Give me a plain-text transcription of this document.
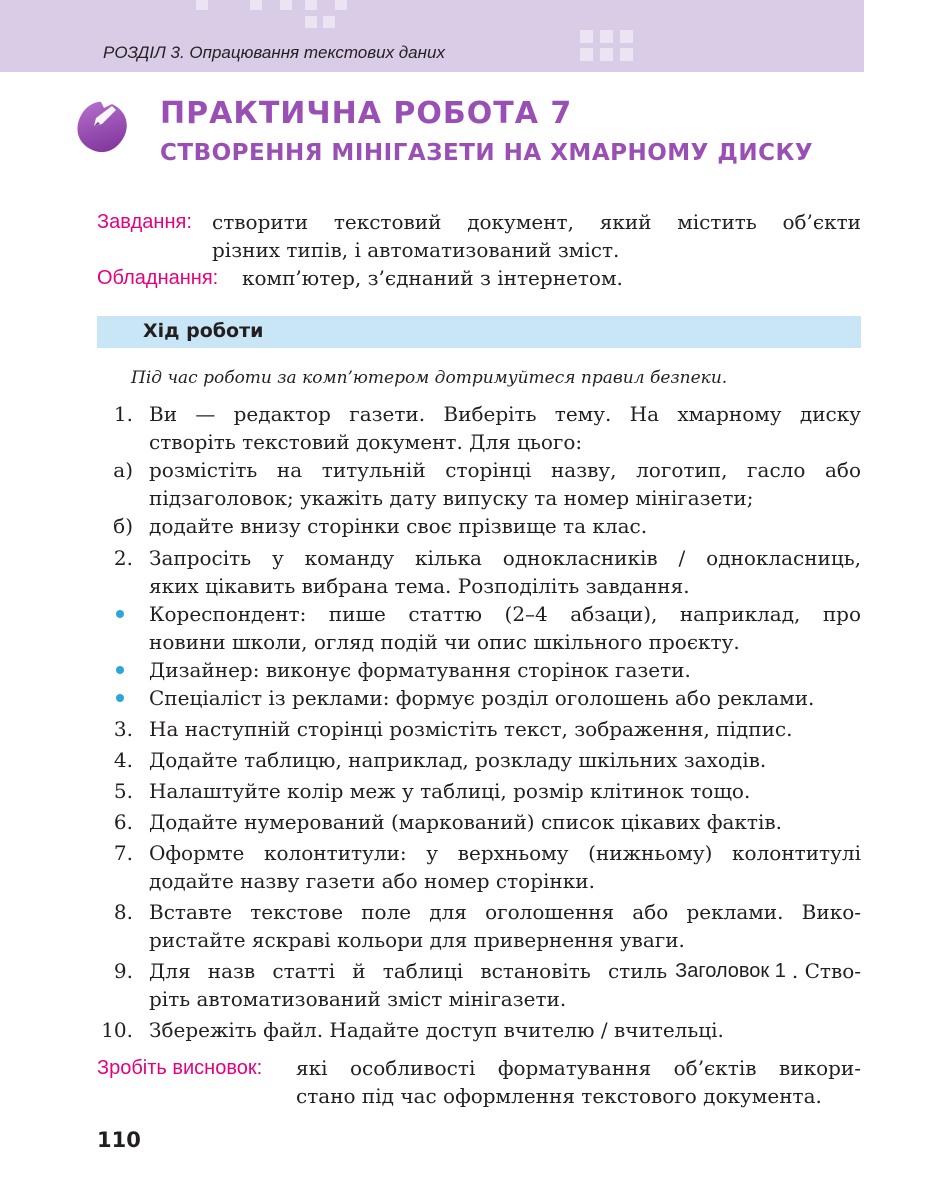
РОЗДІЛ 3. Опрацювання текстових даних
ПРАКТИЧНА РОБОТА 7
СТВОРЕННЯ МІНІГАЗЕТИ НА ХМАРНОМУ ДИСКУ
Завдання: створити текстовий документ, який містить об’єкти
різних типів, і автоматизований зміст.
Обладнання: комп’ютер, з’єднаний з інтернетом.
Хід роботи
Під час роботи за комп’ютером дотримуйтеся правил безпеки.
1. Ви — редактор газети. Виберіть тему. На хмарному диску
створіть текстовий документ. Для цього:
а) розмістіть на титульній сторінці назву, логотип, гасло або
підзаголовок; укажіть дату випуску та номер мінігазети;
б) додайте внизу сторінки своє прізвище та клас.
2. Запросіть у команду кілька однокласників / однокласниць,
яких цікавить вибрана тема. Розподіліть завдання.
Кореспондент: пише статтю (2–4 абзаци), наприклад, про
новини школи, огляд подій чи опис шкільного проєкту.
Дизайнер: виконує форматування сторінок газети.
Спеціаліст із реклами: формує розділ оголошень або реклами.
3. На наступній сторінці розмістіть текст, зображення, підпис.
4. Додайте таблицю, наприклад, розкладу шкільних заходів.
5. Налаштуйте колір меж у таблиці, розмір клітинок тощо.
6. Додайте нумерований (маркований) список цікавих фактів.
7. Оформте колонтитули: у верхньому (нижньому) колонтитулі
додайте назву газети або номер сторінки.
8. Вставте текстове поле для оголошення або реклами. Вико-
ристайте яскраві кольори для привернення уваги.
9. Для назв статті й таблиці встановіть стиль Заголовок 1 . Ство-
ріть автоматизований зміст мінігазети.
10. Збережіть файл. Надайте доступ вчителю / вчительці.
Зробіть висновок: які особливості форматування об’єктів викори-
стано під час оформлення текстового документа.
110
